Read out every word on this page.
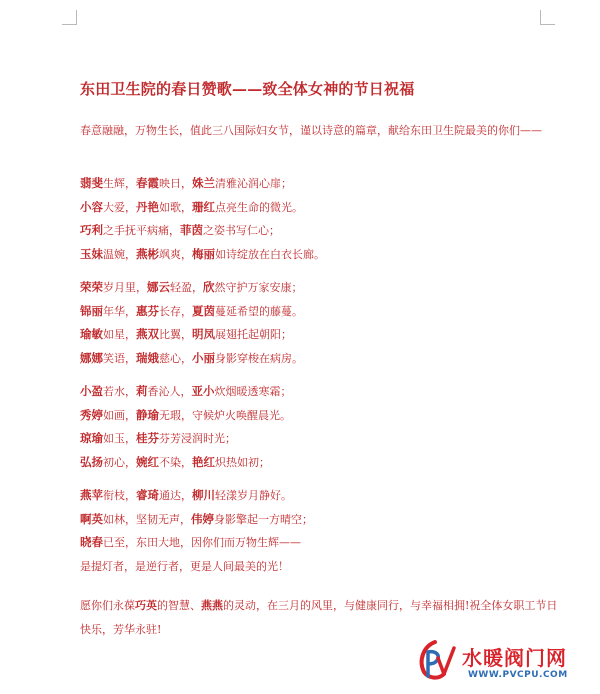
东田卫生院的春日赞歌——致全体女神的节日祝福
春意融融，万物生长，值此三八国际妇女节，谨以诗意的篇章，献给东田卫生院最美的你们——
翡斐生辉，春霞映日，姝兰清雅沁润心扉；
小容大爱，丹艳如歌，珊红点亮生命的微光。
巧利之手抚平病痛，菲茵之姿书写仁心；
玉妹温婉，燕彬飒爽，梅丽如诗绽放在白衣长廊。
荣荣岁月里，娜云轻盈，欣然守护万家安康；
铞丽年华，惠芬长存，夏茵蔓延希望的藤蔓。
瑜敏如星，燕双比翼，明凤展翅托起朝阳；
娜娜笑语，瑞娥慈心，小丽身影穿梭在病房。
小盈若水，莉香沁人，亚小炊烟暖透寒霜；
秀婷如画，静瑜无瑕，守候炉火唤醒晨光。
琼瑜如玉，桂芬芬芳浸润时光；
弘扬初心，婉红不染，艳红炽热如初；
燕苹衔枝，睿琦通达，柳川轻漾岁月静好。
啊英如林，坚韧无声，伟婷身影擎起一方晴空；
晓春已至，东田大地，因你们而万物生辉——
是提灯者，是逆行者，更是人间最美的光！
愿你们永葆巧英的智慧、燕燕的灵动，在三月的风里，与健康同行，与幸福相拥!祝全体女职工节日快乐，芳华永驻!
水暖阀门网
WWW.PVCPU.COM
